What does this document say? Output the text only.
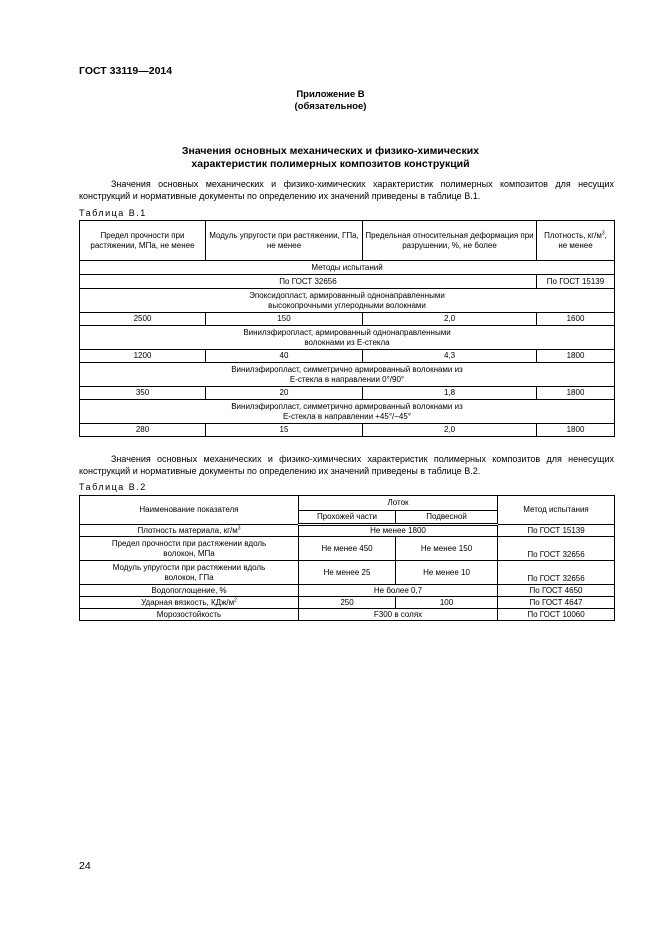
ГОСТ 33119—2014
Приложение В
(обязательное)
Значения основных механических и физико-химических
характеристик полимерных композитов конструкций
Значения основных механических и физико-химических характеристик полимерных композитов для несущих конструкций и нормативные документы по определению их значений приведены в таблице В.1.
Таблица В.1
Предел прочности при растяжении, МПа, не менее	Модуль упругости при растяжении, ГПа, не менее	Предельная относительная деформация при разрушении, %, не более	Плотность, $кг/м^3$, не менее
Методы испытаний			
По ГОСТ 32656			По ГОСТ 15139
Эпоксидопласт, армированный однонаправленными высокопрочными углеродными волокнами			
2500	150	2,0	1600
Винилэфиропласт, армированный однонаправленными волокнами из Е-стекла			
1200	40	4,3	1800
Винилэфиропласт, симметрично армированный волокнами из Е-стекла в направлении 0°/90°			
350	20	1,8	1800
Винилэфиропласт, симметрично армированный волокнами из Е-стекла в направлении +45°/−45°			
280	15	2,0	1800
Значения основных механических и физико-химических характеристик полимерных композитов для ненесущих конструкций и нормативные документы по определению их значений приведены в таблице В.2.
Таблица В.2
Наименование показателя	Лоток		Метод испытания
	Прохожей части	Подвесной	
Плотность материала, $кг/м^3$	Не менее 1800		По ГОСТ 15139
Предел прочности при растяжении вдоль волокон, МПа	Не менее 450	Не менее 150	По ГОСТ 32656
Модуль упругости при растяжении вдоль волокон, ГПа	Не менее 25	Не менее 10	По ГОСТ 32656
Водопоглощение, %	Не более 0,7		По ГОСТ 4650
Ударная вязкость, КДж/$м^2$	250	100	По ГОСТ 4647
Морозостойкость	F300 в солях		По ГОСТ 10060
24
